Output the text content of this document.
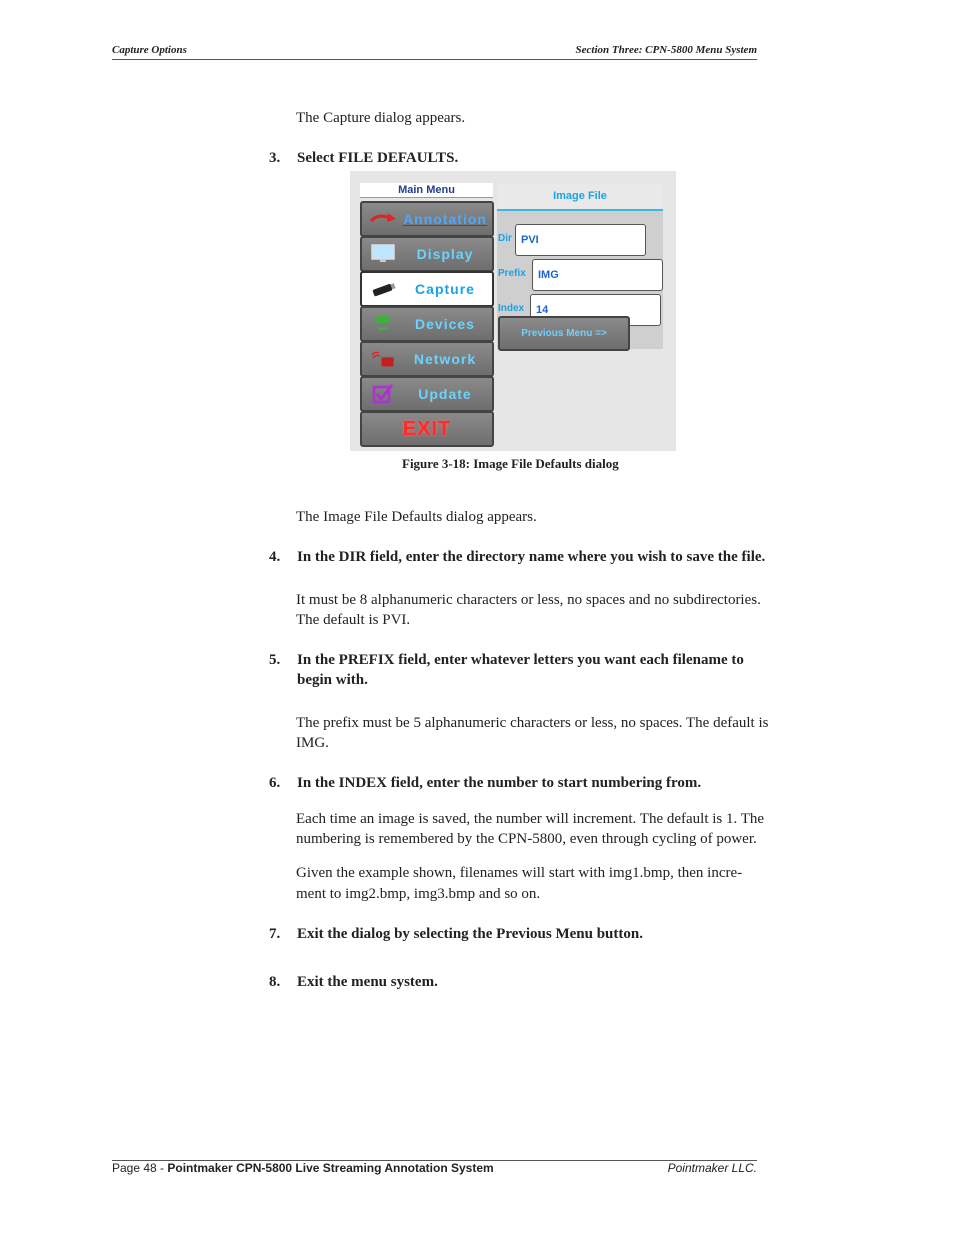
Capture Options	Section Three: CPN-5800 Menu System
The Capture dialog appears.
3. Select FILE DEFAULTS.
Main Menu
Annotation
Display
Capture
Devices
Network
Update
EXIT
Image File
Dir PVI
Prefix	IMG
Index	14
Previous Menu =>
Figure 3-18: Image File Defaults dialog
The Image File Defaults dialog appears.
4. In the DIR field, enter the directory name where you wish to save the file.
It must be 8 alphanumeric characters or less, no spaces and no subdirectories.
The default is PVI.
5. In the PREFIX field, enter whatever letters you want each filename to begin with.
The prefix must be 5 alphanumeric characters or less, no spaces. The default is
IMG.
6. In the INDEX field, enter the number to start numbering from.
Each time an image is saved, the number will increment. The default is 1. The
numbering is remembered by the CPN-5800, even through cycling of power.
Given the example shown, filenames will start with img1.bmp, then incre-
ment to img2.bmp, img3.bmp and so on.
7. Exit the dialog by selecting the Previous Menu button.
8. Exit the menu system.
Page 48 - Pointmaker CPN-5800 Live Streaming Annotation System	Pointmaker LLC.
